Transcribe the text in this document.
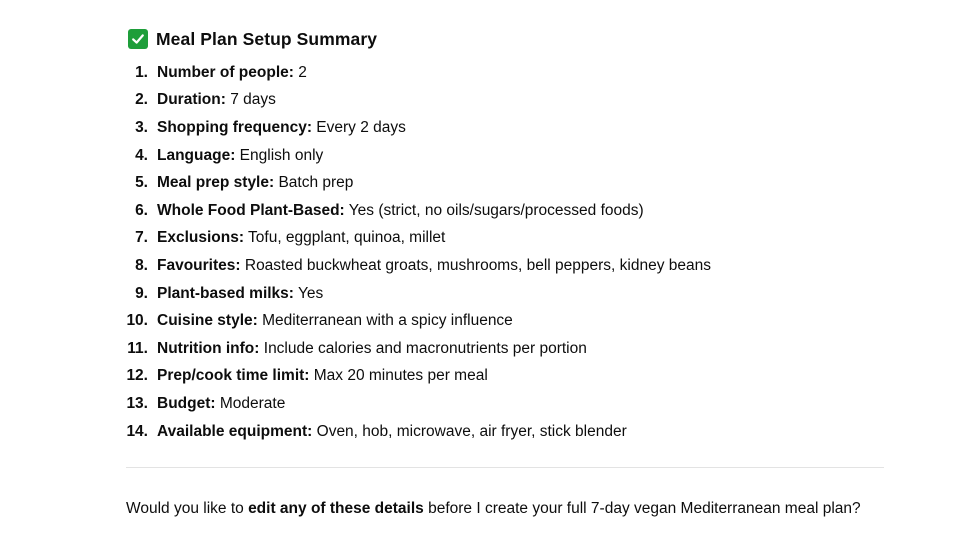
Meal Plan Setup Summary
1. Number of people: 2
2. Duration: 7 days
3. Shopping frequency: Every 2 days
4. Language: English only
5. Meal prep style: Batch prep
6. Whole Food Plant-Based: Yes (strict, no oils/sugars/processed foods)
7. Exclusions: Tofu, eggplant, quinoa, millet
8. Favourites: Roasted buckwheat groats, mushrooms, bell peppers, kidney beans
9. Plant-based milks: Yes
10. Cuisine style: Mediterranean with a spicy influence
11. Nutrition info: Include calories and macronutrients per portion
12. Prep/cook time limit: Max 20 minutes per meal
13. Budget: Moderate
14. Available equipment: Oven, hob, microwave, air fryer, stick blender
Would you like to edit any of these details before I create your full 7-day vegan Mediterranean meal plan?
